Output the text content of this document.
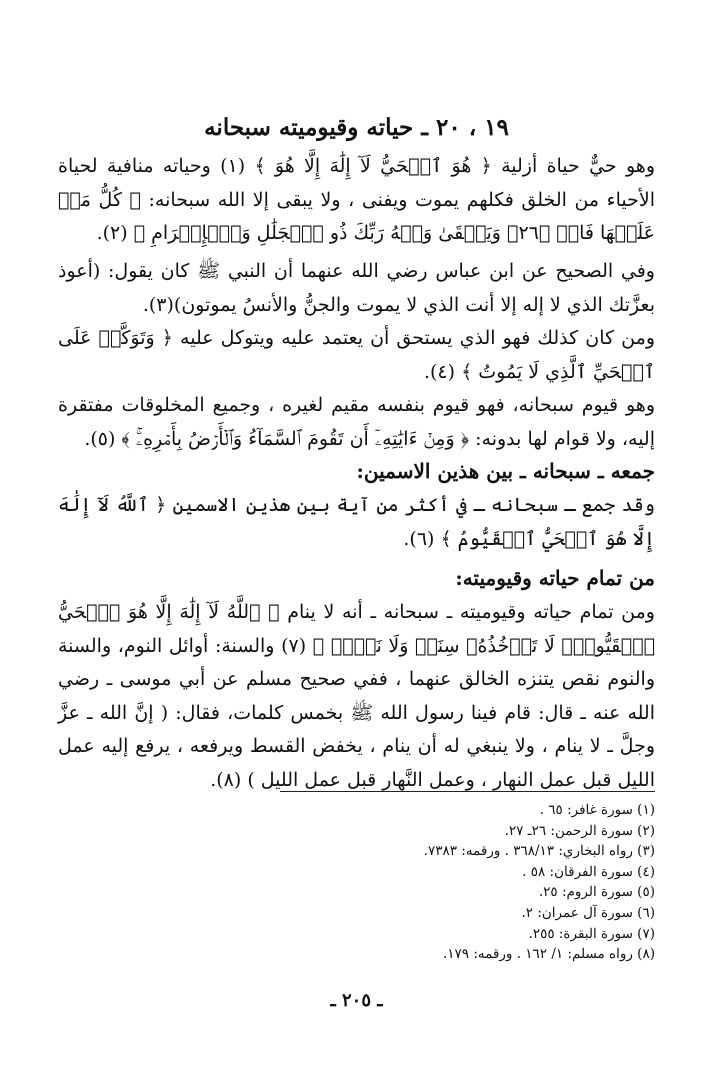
١٩ ، ٢٠ ـ حياته وقيوميته سبحانه

وهو حيٌّ حياة أزلية ﴿ هُوَ ٱلۡحَيُّ لَآ إِلَٰهَ إِلَّا هُوَ ﴾ (١) وحياته منافية لحياة الأحياء من الخلق فكلهم يموت ويفنى ، ولا يبقى إلا الله سبحانه: ﴿ كُلُّ مَنۡ عَلَيۡهَا فَانٖ ﴿٢٦﴾ وَيَبۡقَىٰ وَجۡهُ رَبِّكَ ذُو ٱلۡجَلَٰلِ وَٱلۡإِكۡرَامِ ﴾ (٢).

وفي الصحيح عن ابن عباس رضي الله عنهما أن النبي ﷺ كان يقول: (أعوذ بعزَّتك الذي لا إله إلا أنت الذي لا يموت والجنُّ والأنسُ يموتون)(٣).

ومن كان كذلك فهو الذي يستحق أن يعتمد عليه ويتوكل عليه ﴿ وَتَوَكَّلۡ عَلَى ٱلۡحَيِّ ٱلَّذِي لَا يَمُوتُ ﴾ (٤).

وهو قيوم سبحانه، فهو قيوم بنفسه مقيم لغيره ، وجميع المخلوقات مفتقرة إليه، ولا قوام لها بدونه: ﴿ وَمِنۡ ءَايَٰتِهِۦٓ أَن تَقُومَ ٱلسَّمَآءُ وَٱلۡأَرۡضُ بِأَمۡرِهِۦۚ ﴾ (٥).

جمعه ـ سبحانه ـ بين هذين الاسمين:

وقد جمع ـ سبحانه ـ في أكثر من آية بين هذين الاسمين ﴿ ٱللَّهُ لَآ إِلَٰهَ إِلَّا هُوَ ٱلۡحَيُّ ٱلۡقَيُّومُ ﴾ (٦).

من تمام حياته وقيوميته:

ومن تمام حياته وقيوميته ـ سبحانه ـ أنه لا ينام ﴿ ٱللَّهُ لَآ إِلَٰهَ إِلَّا هُوَ ٱلۡحَيُّ ٱلۡقَيُّومُۚ لَا تَأۡخُذُهُۥ سِنَةٞ وَلَا نَوۡمٞ ﴾ (٧) والسنة: أوائل النوم، والسنة والنوم نقص يتنزه الخالق عنهما ، ففي صحيح مسلم عن أبي موسى ـ رضي الله عنه ـ قال: قام فينا رسول الله ﷺ بخمس كلمات، فقال: ( إنَّ الله ـ عزَّ وجلَّ ـ لا ينام ، ولا ينبغي له أن ينام ، يخفض القسط ويرفعه ، يرفع إليه عمل الليل قبل عمل النهار ، وعمل النَّهار قبل عمل الليل ) (٨).

(١) سورة غافر: ٦٥ .
(٢) سورة الرحمن: ٢٦ـ ٢٧.
(٣) رواه البخاري: ٣٦٨/١٣ . ورقمه: ٧٣٨٣.
(٤) سورة الفرقان: ٥٨ .
(٥) سورة الروم: ٢٥.
(٦) سورة آل عمران: ٢.
(٧) سورة البقرة: ٢٥٥.
(٨) رواه مسلم: ١/ ١٦٢ . ورقمه: ١٧٩.
ـ ٢٠٥ ـ
